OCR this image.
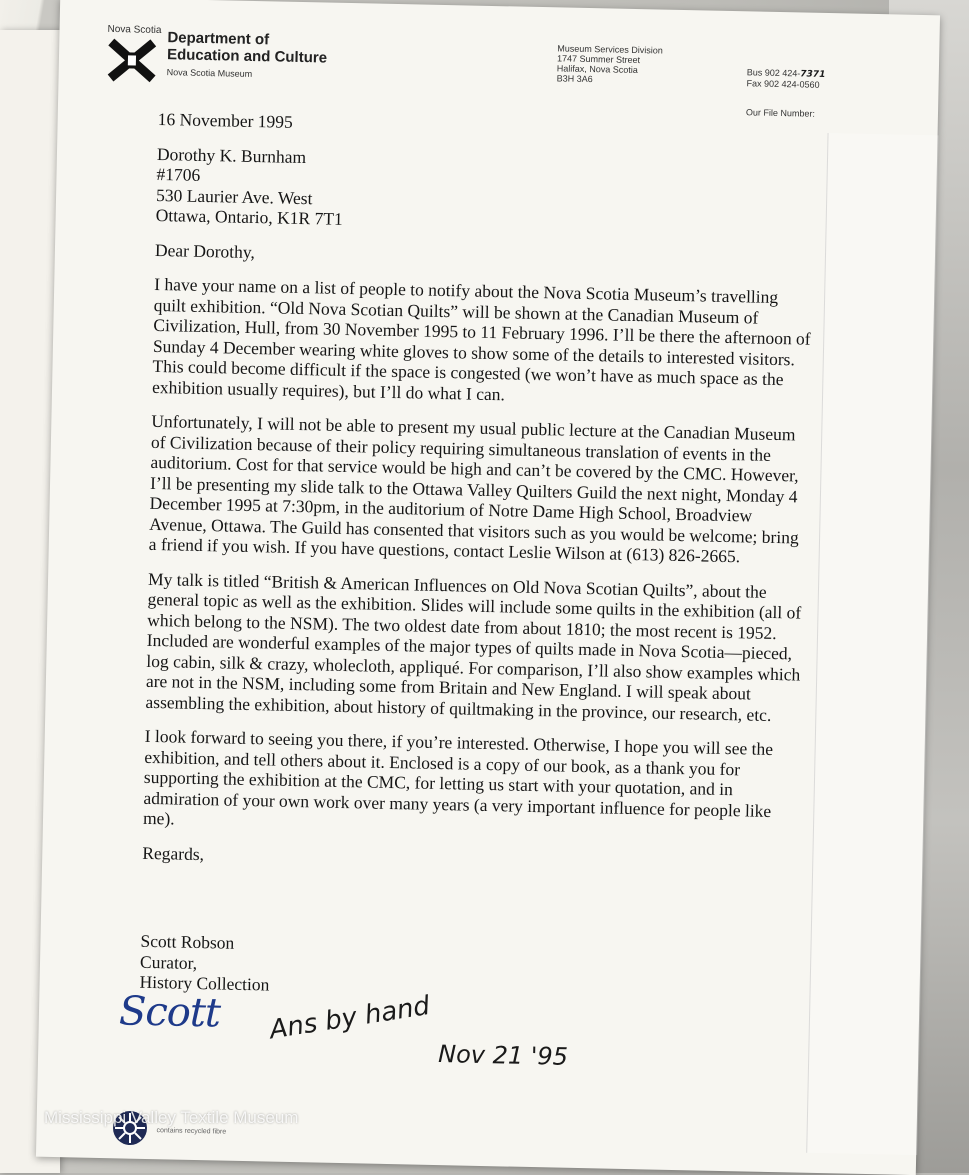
Nova Scotia Department of
Education and Culture
Nova Scotia Museum
Museum Services Division
1747 Summer Street
Halifax, Nova Scotia
B3H 3A6
Bus 902 424-7371
Fax 902 424-0560
Our File Number:
16 November 1995
Dorothy K. Burnham
#1706
530 Laurier Ave. West
Ottawa, Ontario, K1R 7T1
Dear Dorothy,

I have your name on a list of people to notify about the Nova Scotia Museum’s travelling quilt exhibition. “Old Nova Scotian Quilts” will be shown at the Canadian Museum of Civilization, Hull, from 30 November 1995 to 11 February 1996. I’ll be there the afternoon of Sunday 4 December wearing white gloves to show some of the details to interested visitors. This could become difficult if the space is congested (we won’t have as much space as the exhibition usually requires), but I’ll do what I can.

Unfortunately, I will not be able to present my usual public lecture at the Canadian Museum of Civilization because of their policy requiring simultaneous translation of events in the auditorium. Cost for that service would be high and can’t be covered by the CMC. However, I’ll be presenting my slide talk to the Ottawa Valley Quilters Guild the next night, Monday 4 December 1995 at 7:30pm, in the auditorium of Notre Dame High School, Broadview Avenue, Ottawa. The Guild has consented that visitors such as you would be welcome; bring a friend if you wish. If you have questions, contact Leslie Wilson at (613) 826-2665.

My talk is titled “British & American Influences on Old Nova Scotian Quilts”, about the general topic as well as the exhibition. Slides will include some quilts in the exhibition (all of which belong to the NSM). The two oldest date from about 1810; the most recent is 1952. Included are wonderful examples of the major types of quilts made in Nova Scotia—pieced, log cabin, silk & crazy, wholecloth, appliqué. For comparison, I’ll also show examples which are not in the NSM, including some from Britain and New England. I will speak about assembling the exhibition, about history of quiltmaking in the province, our research, etc.

I look forward to seeing you there, if you’re interested. Otherwise, I hope you will see the exhibition, and tell others about it. Enclosed is a copy of our book, as a thank you for supporting the exhibition at the CMC, for letting us start with your quotation, and in admiration of your own work over many years (a very important influence for people like me).

Regards,
Scott Robson
Curator,
History Collection
Scott Ans by hand
Nov 21 '95
contains recycled fibre
Mississippi Valley Textile Museum
